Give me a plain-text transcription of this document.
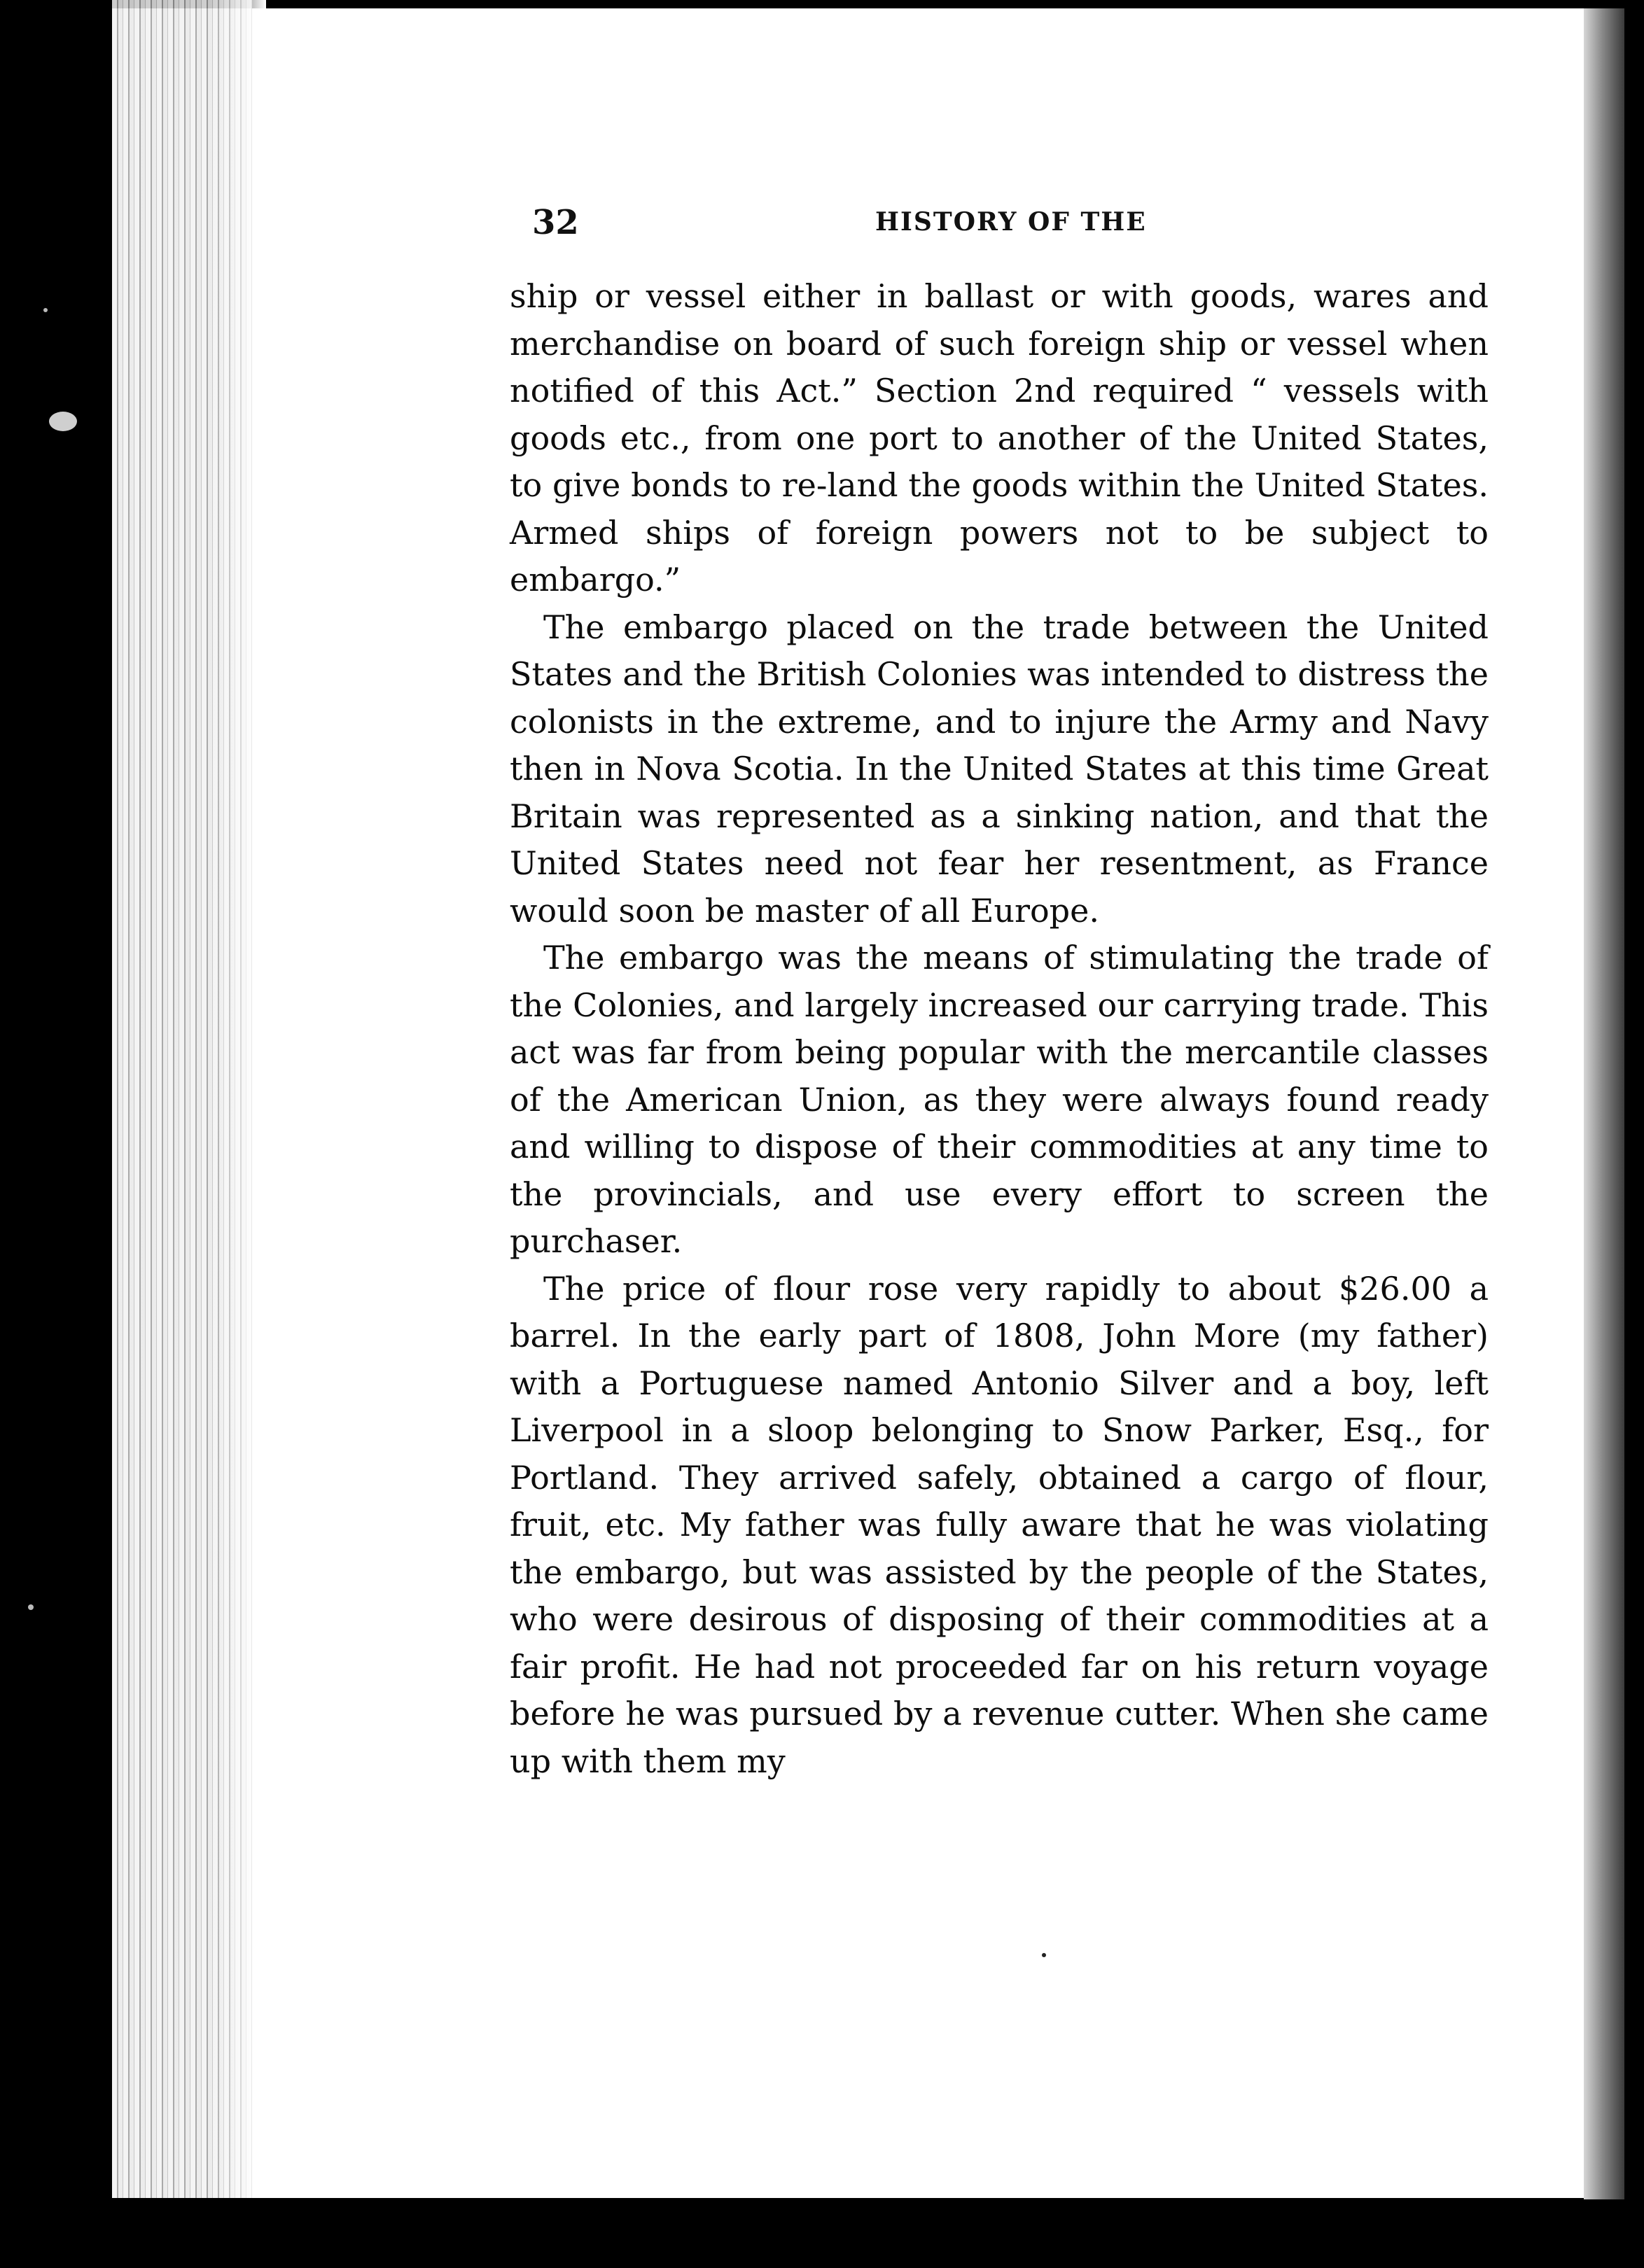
32	HISTORY OF THE

ship or vessel either in ballast or with goods, wares and merchandise on board of such foreign ship or vessel when notified of this Act.” Section 2nd required “ vessels with goods etc., from one port to another of the United States, to give bonds to re-land the goods within the United States. Armed ships of foreign powers not to be subject to embargo.”

The embargo placed on the trade between the United States and the British Colonies was intended to distress the colonists in the extreme, and to injure the Army and Navy then in Nova Scotia. In the United States at this time Great Britain was represented as a sinking nation, and that the United States need not fear her resentment, as France would soon be master of all Europe.

The embargo was the means of stimulating the trade of the Colonies, and largely increased our carrying trade. This act was far from being popular with the mercantile classes of the American Union, as they were always found ready and willing to dispose of their commodities at any time to the provincials, and use every effort to screen the purchaser.

The price of flour rose very rapidly to about $26.00 a barrel. In the early part of 1808, John More (my father) with a Portuguese named Antonio Silver and a boy, left Liverpool in a sloop belonging to Snow Parker, Esq., for Portland. They arrived safely, obtained a cargo of flour, fruit, etc. My father was fully aware that he was violating the embargo, but was assisted by the people of the States, who were desirous of disposing of their commodities at a fair profit. He had not proceeded far on his return voyage before he was pursued by a revenue cutter. When she came up with them my
